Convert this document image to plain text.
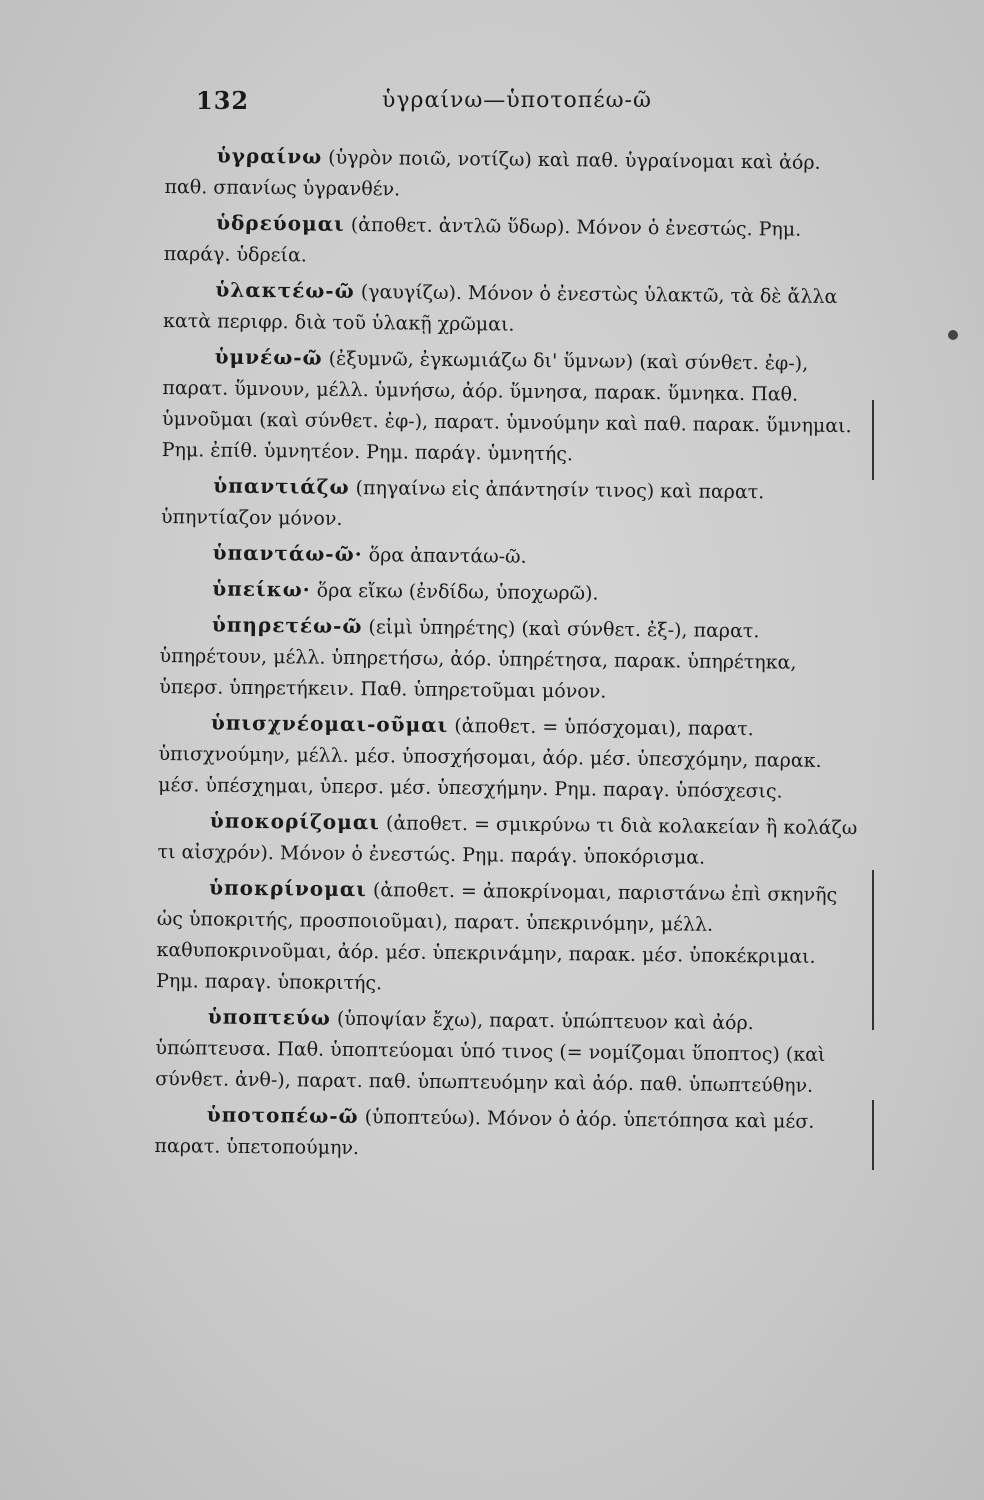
132	ὑγραίνω—ὑποτοπέω-ῶ

ὑγραίνω (ὑγρὸν ποιῶ, νοτίζω) καὶ παθ. ὑγραίνομαι καὶ ἀόρ. παθ. σπανίως ὑγρανθέν.

ὑδρεύομαι (ἀποθετ. ἀντλῶ ὕδωρ). Μόνον ὁ ἐνεστώς. Ρημ. παράγ. ὑδρεία.

ὑλακτέω-ῶ (γαυγίζω). Μόνον ὁ ἐνεστὼς ὑλακτῶ, τὰ δὲ ἄλλα κατὰ περιφρ. διὰ τοῦ ὑλακῇ χρῶμαι.

ὑμνέω-ῶ (ἐξυμνῶ, ἐγκωμιάζω δι' ὕμνων) (καὶ σύνθετ. ἐφ-), παρατ. ὕμνουν, μέλλ. ὑμνήσω, ἀόρ. ὕμνησα, παρακ. ὕμνηκα. Παθ. ὑμνοῦμαι (καὶ σύνθετ. ἐφ-), παρατ. ὑμνούμην καὶ παθ. παρακ. ὕμνημαι. Ρημ. ἐπίθ. ὑμνητέον. Ρημ. παράγ. ὑμνητής.

ὑπαντιάζω (πηγαίνω εἰς ἀπάντησίν τινος) καὶ παρατ. ὑπηντίαζον μόνον.

ὑπαντάω-ῶ· ὅρα ἀπαντάω-ῶ.

ὑπείκω· ὅρα εἴκω (ἐνδίδω, ὑποχωρῶ).

ὑπηρετέω-ῶ (εἰμὶ ὑπηρέτης) (καὶ σύνθετ. ἐξ-), παρατ. ὑπηρέτουν, μέλλ. ὑπηρετήσω, ἀόρ. ὑπηρέτησα, παρακ. ὑπηρέτηκα, ὑπερσ. ὑπηρετήκειν. Παθ. ὑπηρετοῦμαι μόνον.

ὑπισχνέομαι-οῦμαι (ἀποθετ. = ὑπόσχομαι), παρατ. ὑπισχνούμην, μέλλ. μέσ. ὑποσχήσομαι, ἀόρ. μέσ. ὑπεσχόμην, παρακ. μέσ. ὑπέσχημαι, ὑπερσ. μέσ. ὑπεσχήμην. Ρημ. παραγ. ὑπόσχεσις.

ὑποκορίζομαι (ἀποθετ. = σμικρύνω τι διὰ κολακείαν ἢ κολάζω τι αἰσχρόν). Μόνον ὁ ἐνεστώς. Ρημ. παράγ. ὑποκόρισμα.

ὑποκρίνομαι (ἀποθετ. = ἀποκρίνομαι, παριστάνω ἐπὶ σκηνῆς ὡς ὑποκριτής, προσποιοῦμαι), παρατ. ὑπεκρινόμην, μέλλ. καθυποκρινοῦμαι, ἀόρ. μέσ. ὑπεκρινάμην, παρακ. μέσ. ὑποκέκριμαι. Ρημ. παραγ. ὑποκριτής.

ὑποπτεύω (ὑποψίαν ἔχω), παρατ. ὑπώπτευον καὶ ἀόρ. ὑπώπτευσα. Παθ. ὑποπτεύομαι ὑπό τινος (= νομίζομαι ὕποπτος) (καὶ σύνθετ. ἀνθ-), παρατ. παθ. ὑπωπτευόμην καὶ ἀόρ. παθ. ὑπωπτεύθην.

ὑποτοπέω-ῶ (ὑποπτεύω). Μόνον ὁ ἀόρ. ὑπετόπησα καὶ μέσ. παρατ. ὑπετοπούμην.
